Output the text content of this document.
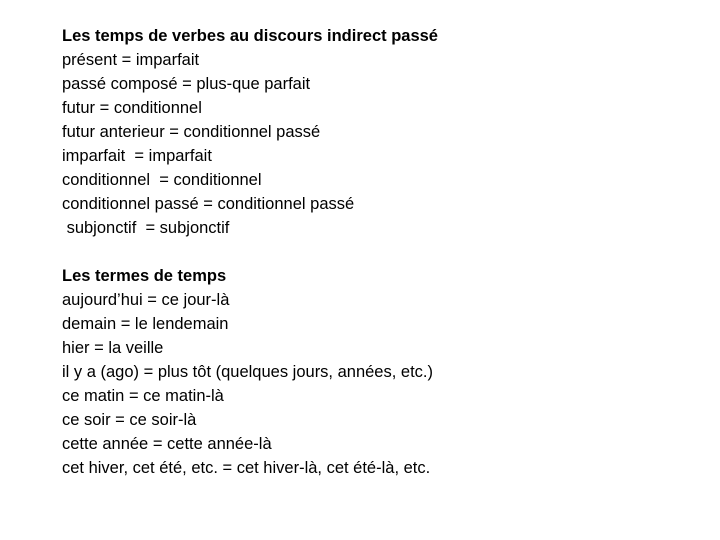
Les temps de verbes au discours indirect passé
présent = imparfait
passé composé = plus-que parfait
futur = conditionnel
futur anterieur = conditionnel passé
imparfait  = imparfait
conditionnel  = conditionnel
conditionnel passé = conditionnel passé
subjonctif  = subjonctif
Les termes de temps
aujourd’hui = ce jour-là
demain = le lendemain
hier = la veille
il y a (ago) = plus tôt (quelques jours, années, etc.)
ce matin = ce matin-là
ce soir = ce soir-là
cette année = cette année-là
cet hiver, cet été, etc. = cet hiver-là, cet été-là, etc.
